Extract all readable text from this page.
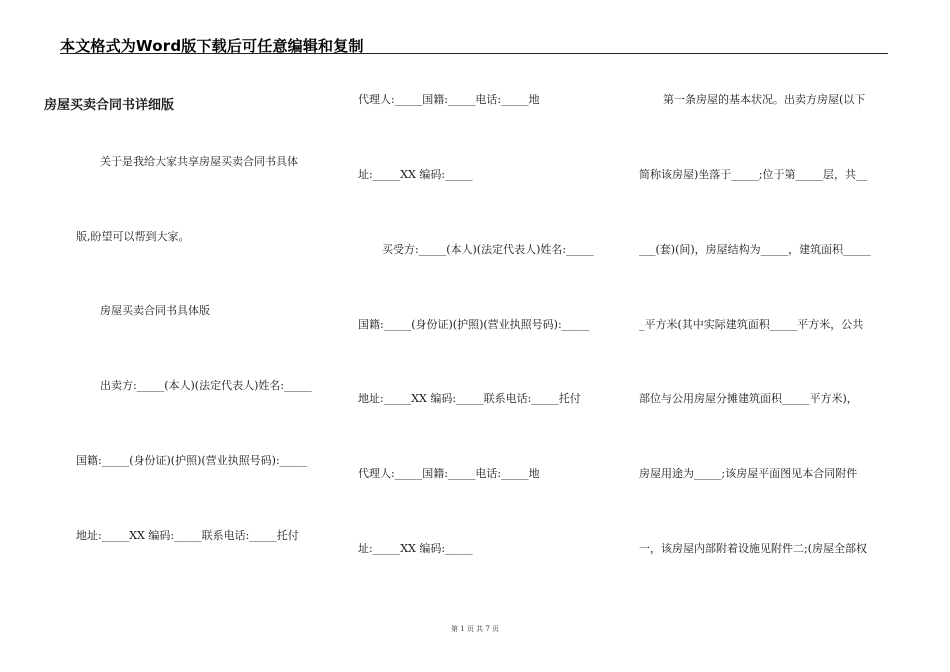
本文格式为Word版下载后可任意编辑和复制
房屋买卖合同书详细版
关于是我给大家共享房屋买卖合同书具体
版,盼望可以帮到大家。
房屋买卖合同书具体版
出卖方:_____(本人)(法定代表人)姓名:_____
国籍:_____(身份证)(护照)(营业执照号码):_____
地址:_____XX 编码:_____联系电话:_____托付
代理人:_____国籍:_____电话:_____地
址:_____XX 编码:_____
买受方:_____(本人)(法定代表人)姓名:_____
国籍:_____(身份证)(护照)(营业执照号码):_____
地址:_____XX 编码:_____联系电话:_____托付
代理人:_____国籍:_____电话:_____地
址:_____XX 编码:_____
第一条房屋的基本状况。出卖方房屋(以下
简称该房屋)坐落于_____;位于第_____层，共__
___(套)(间)，房屋结构为_____，建筑面积_____
_平方米(其中实际建筑面积_____平方米，公共
部位与公用房屋分摊建筑面积_____平方米)，
房屋用途为_____;该房屋平面图见本合同附件
一，该房屋内部附着设施见附件二;(房屋全部权
第 1 页 共 7 页
